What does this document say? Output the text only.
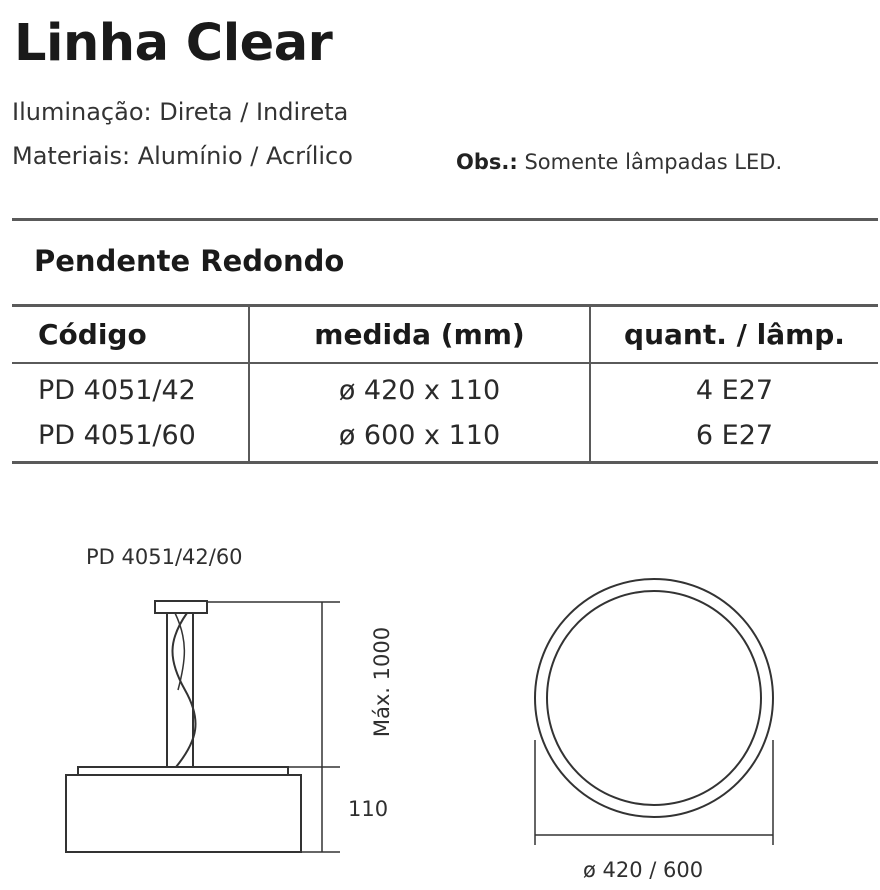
Linha Clear
Iluminação: Direta / Indireta
Materiais: Alumínio / Acrílico	Obs.: Somente lâmpadas LED.
Pendente Redondo
Código	medida (mm)	quant. / lâmp.
PD 4051/42	ø 420 x 110	4 E27
PD 4051/60	ø 600 x 110	6 E27
PD 4051/42/60
Máx. 1000
110
ø 420 / 600
